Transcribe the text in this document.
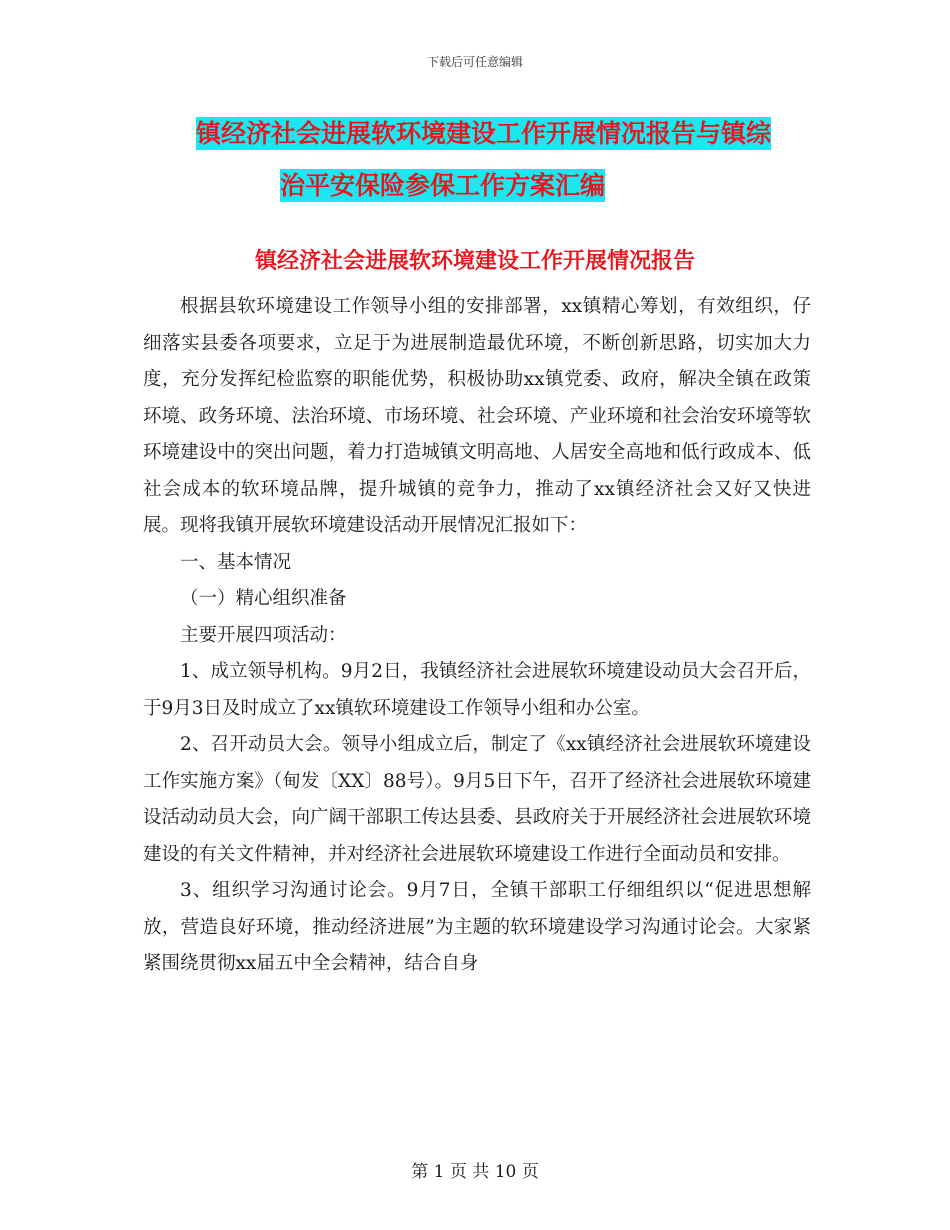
下载后可任意编辑
镇经济社会进展软环境建设工作开展情况报告与镇综
治平安保险参保工作方案汇编
镇经济社会进展软环境建设工作开展情况报告

根据县软环境建设工作领导小组的安排部署，xx镇精心筹划，有效组织，仔细落实县委各项要求，立足于为进展制造最优环境，不断创新思路，切实加大力度，充分发挥纪检监察的职能优势，积极协助xx镇党委、政府，解决全镇在政策环境、政务环境、法治环境、市场环境、社会环境、产业环境和社会治安环境等软环境建设中的突出问题，着力打造城镇文明高地、人居安全高地和低行政成本、低社会成本的软环境品牌，提升城镇的竞争力，推动了xx镇经济社会又好又快进展。现将我镇开展软环境建设活动开展情况汇报如下：

一、基本情况

（一）精心组织准备

主要开展四项活动：

1、成立领导机构。9月2日，我镇经济社会进展软环境建设动员大会召开后，于9月3日及时成立了xx镇软环境建设工作领导小组和办公室。

2、召开动员大会。领导小组成立后，制定了《xx镇经济社会进展软环境建设工作实施方案》（甸发〔XX〕88号）。9月5日下午，召开了经济社会进展软环境建设活动动员大会，向广阔干部职工传达县委、县政府关于开展经济社会进展软环境建设的有关文件精神，并对经济社会进展软环境建设工作进行全面动员和安排。

3、组织学习沟通讨论会。9月7日，全镇干部职工仔细组织以“促进思想解放，营造良好环境，推动经济进展”为主题的软环境建设学习沟通讨论会。大家紧紧围绕贯彻xx届五中全会精神，结合自身

第 1 页 共 10 页
